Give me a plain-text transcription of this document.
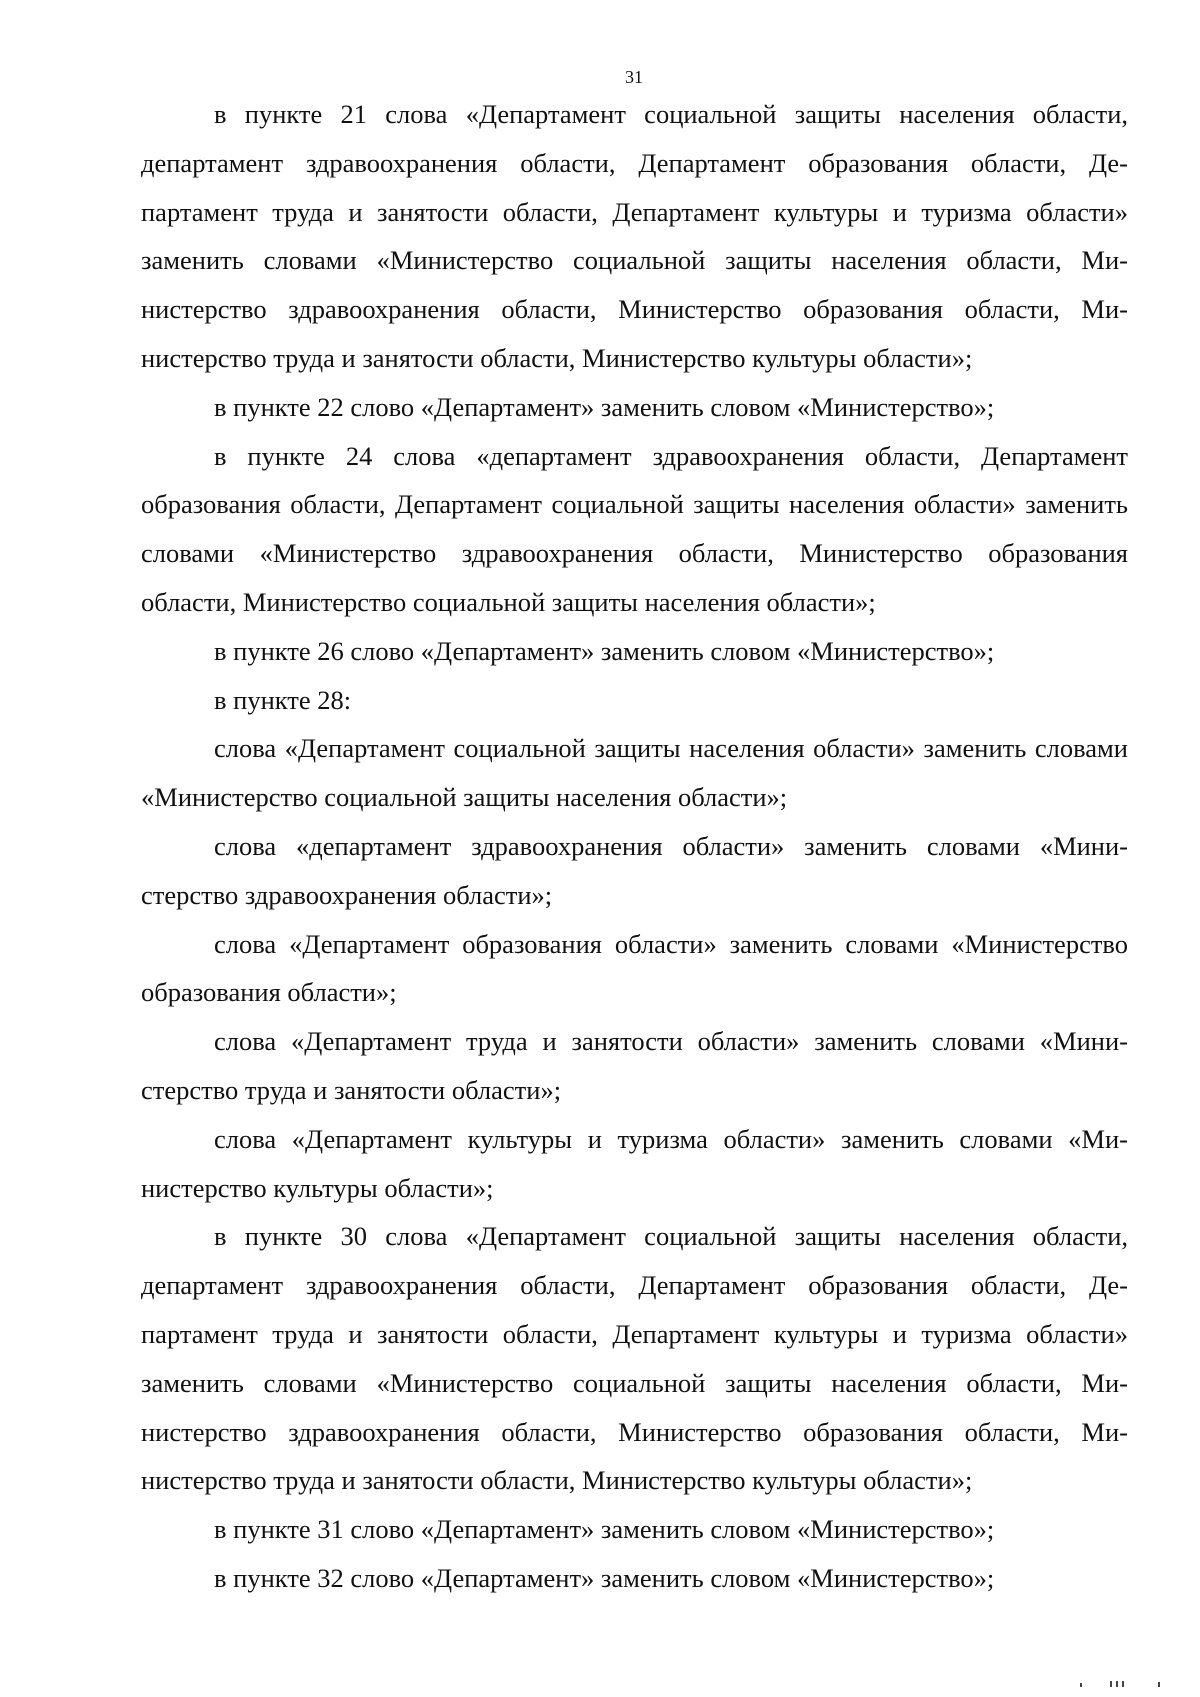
31

в пункте 21 слова «Департамент социальной защиты населения области, департамент здравоохранения области, Департамент образования области, Департамент труда и занятости области, Департамент культуры и туризма области» заменить словами «Министерство социальной защиты населения области, Министерство здравоохранения области, Министерство образования области, Министерство труда и занятости области, Министерство культуры области»;

в пункте 22 слово «Департамент» заменить словом «Министерство»;

в пункте 24 слова «департамент здравоохранения области, Департамент образования области, Департамент социальной защиты населения области» заменить словами «Министерство здравоохранения области, Министерство образования области, Министерство социальной защиты населения области»;

в пункте 26 слово «Департамент» заменить словом «Министерство»;

в пункте 28:

слова «Департамент социальной защиты населения области» заменить словами «Министерство социальной защиты населения области»;

слова «департамент здравоохранения области» заменить словами «Министерство здравоохранения области»;

слова «Департамент образования области» заменить словами «Министерство образования области»;

слова «Департамент труда и занятости области» заменить словами «Министерство труда и занятости области»;

слова «Департамент культуры и туризма области» заменить словами «Министерство культуры области»;

в пункте 30 слова «Департамент социальной защиты населения области, департамент здравоохранения области, Департамент образования области, Департамент труда и занятости области, Департамент культуры и туризма области» заменить словами «Министерство социальной защиты населения области, Министерство здравоохранения области, Министерство образования области, Министерство труда и занятости области, Министерство культуры области»;

в пункте 31 слово «Департамент» заменить словом «Министерство»;

в пункте 32 слово «Департамент» заменить словом «Министерство»;
